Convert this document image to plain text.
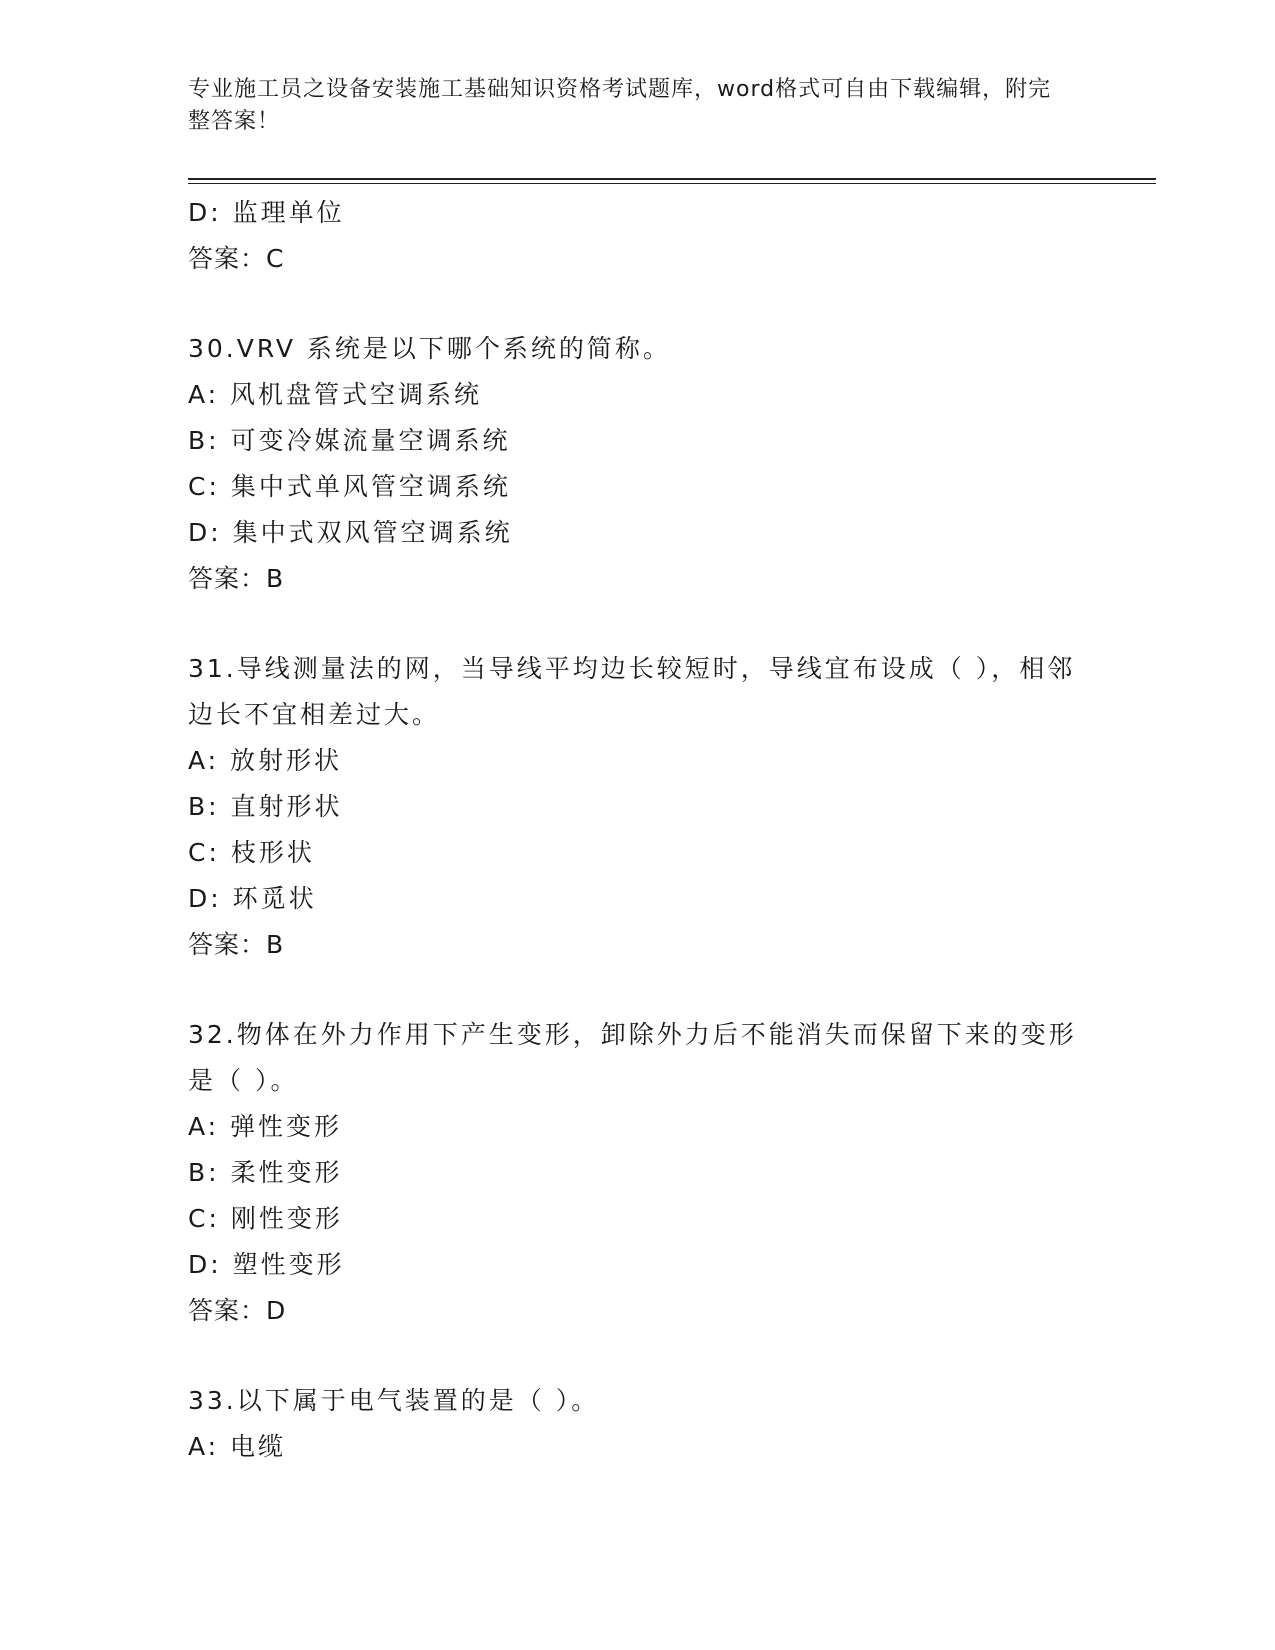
专业施工员之设备安装施工基础知识资格考试题库，word格式可自由下载编辑，附完整答案！
D: 监理单位
答案：C
30.VRV 系统是以下哪个系统的简称。
A: 风机盘管式空调系统
B: 可变冷媒流量空调系统
C: 集中式单风管空调系统
D: 集中式双风管空调系统
答案：B
31.导线测量法的网，当导线平均边长较短时，导线宜布设成（ ），相邻边长不宜相差过大。
A: 放射形状
B: 直射形状
C: 枝形状
D: 环觅状
答案：B
32.物体在外力作用下产生变形，卸除外力后不能消失而保留下来的变形是（ ）。
A: 弹性变形
B: 柔性变形
C: 刚性变形
D: 塑性变形
答案：D
33.以下属于电气装置的是（ ）。
A: 电缆
